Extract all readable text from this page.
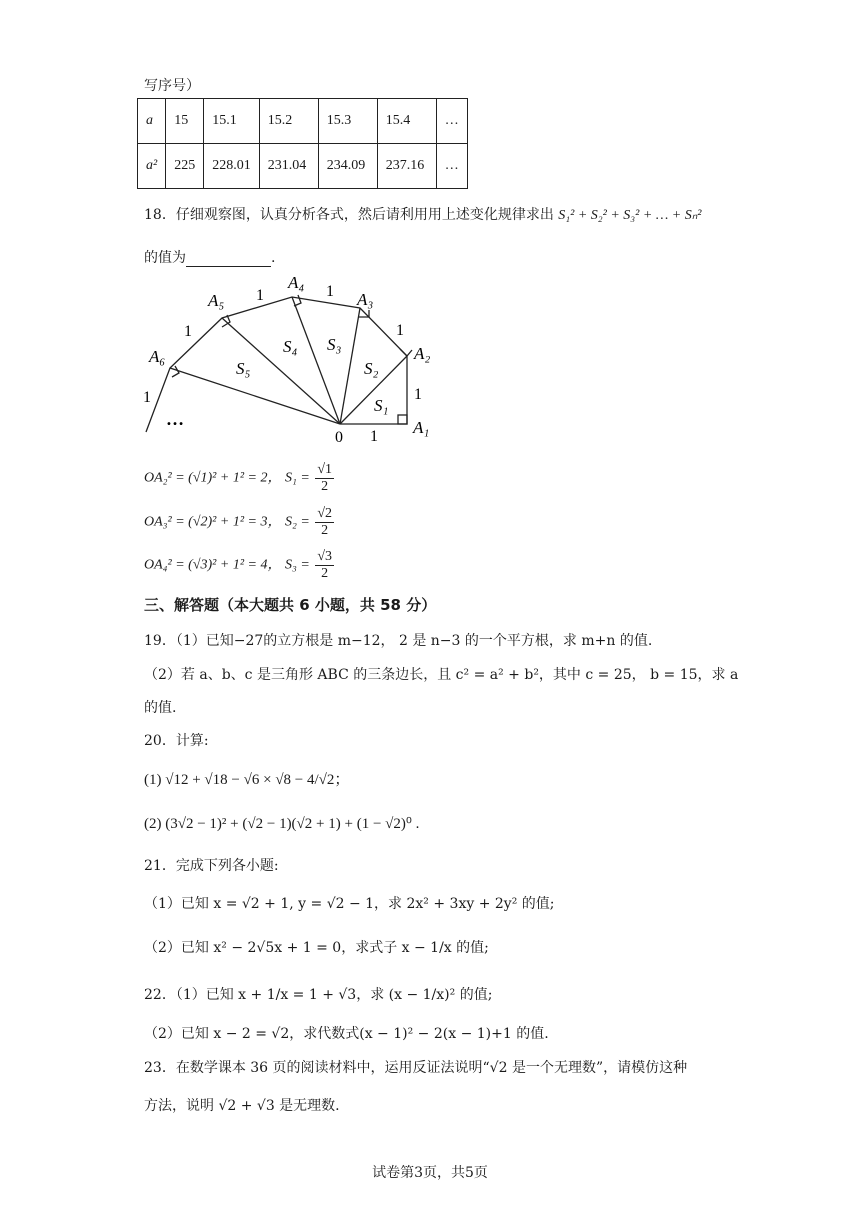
写序号）
a	15	15.1	15.2	15.3	15.4	…
a²	225	228.01	231.04	234.09	237.16	…
18．仔细观察图，认真分析各式，然后请利用用上述变化规律求出 S₁² + S₂² + S₃² + … + Sₙ²
的值为	.
A₁
A₂
A₃
A₄
A₅
A₆
0 1
1
1
1
1
1
1	S₁
S₂
S₃
S₄
S₅
…
OA₂² = (√1)² + 1² = 2， $S_1 = \frac{√1}{2}$
OA₃² = (√2)² + 1² = 3， $S_2 = \frac{√2}{2}$
OA₄² = (√3)² + 1² = 4， $S_3 = \frac{√3}{2}$
三、解答题（本大题共 6 小题，共 58 分）
19．（1）已知−27的立方根是 m−12， 2 是 n−3 的一个平方根，求 m+n 的值.
（2）若 a、b、c 是三角形 ABC 的三条边长，且 c² = a² + b²，其中 c = 25， b = 15，求 a
的值.
20．计算:
(1) √12 + √18 − √6 × √8 − 4/√2；
(2) (3√2 − 1)² + (√2 − 1)(√2 + 1) + (1 − √2)⁰ .
21．完成下列各小题:
（1）已知 x = √2 + 1, y = √2 − 1，求 2x² + 3xy + 2y² 的值;
（2）已知 x² − 2√5x + 1 = 0，求式子 x − 1/x 的值;
22．（1）已知 x + 1/x = 1 + √3，求 (x − 1/x)² 的值;
（2）已知 x − 2 = √2，求代数式(x − 1)² − 2(x − 1)+1 的值.
23．在数学课本 36 页的阅读材料中，运用反证法说明“√2 是一个无理数”，请模仿这种
方法，说明 √2 + √3 是无理数.
试卷第3页，共5页
